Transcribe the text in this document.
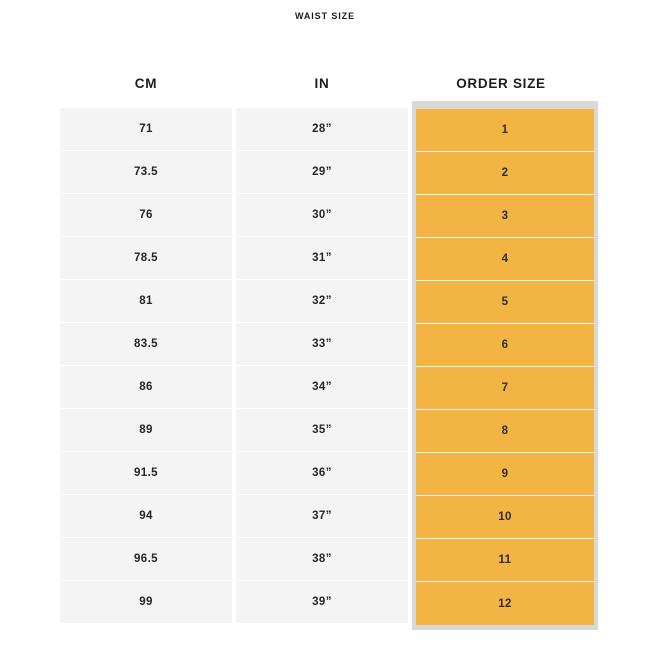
WAIST SIZE
1
2
3
4
5
6
7
8
9
10
11
12
CM	IN	ORDER SIZE
71
73.5
76
78.5
81
83.5
86
89
91.5
94
96.5
99
28”
29”
30”
31”
32”
33”
34”
35”
36”
37”
38”
39”
